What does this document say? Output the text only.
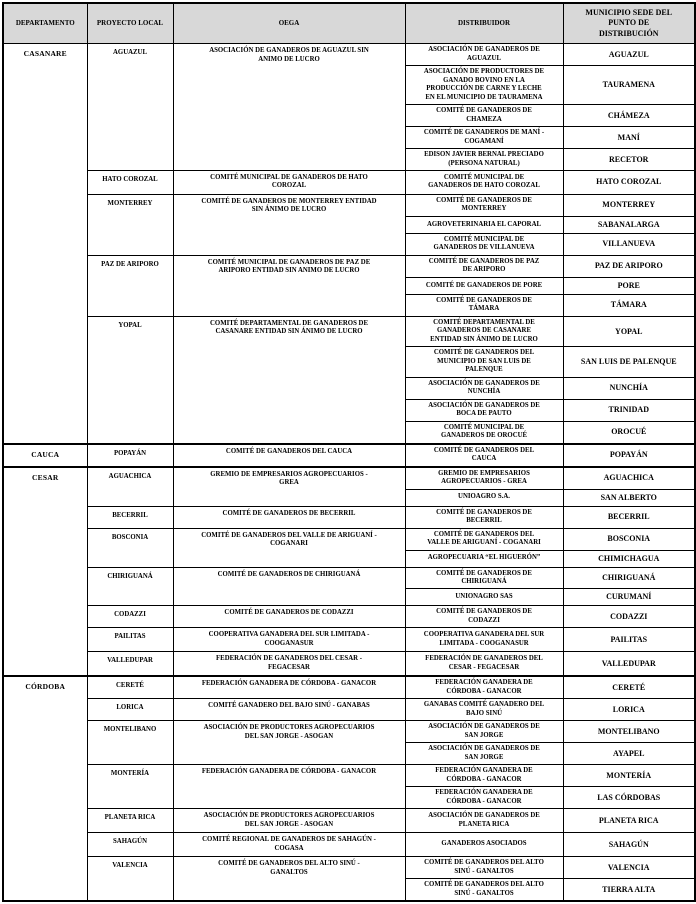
DEPARTAMENTO	PROYECTO LOCAL	OEGA	DISTRIBUIDOR	MUNICIPIO SEDE DEL PUNTO DE DISTRIBUCIÓN
CASANARE	AGUAZUL	ASOCIACIÓN DE GANADEROS DE AGUAZUL SIN ANIMO DE LUCRO	ASOCIACIÓN DE GANADEROS DE AGUAZUL	AGUAZUL
			ASOCIACIÓN DE PRODUCTORES DE GANADO BOVINO EN LA PRODUCCIÓN DE CARNE Y LECHE EN EL MUNICIPIO DE TAURAMENA	TAURAMENA
			COMITÉ DE GANADEROS DE CHAMEZA	CHÁMEZA
			COMITÉ DE GANADEROS DE MANÍ - COGAMANÍ	MANÍ
			EDISON JAVIER BERNAL PRECIADO (PERSONA NATURAL)	RECETOR
	HATO COROZAL	COMITÉ MUNICIPAL DE GANADEROS DE HATO COROZAL	COMITÉ MUNICIPAL DE GANADEROS DE HATO COROZAL	HATO COROZAL
	MONTERREY	COMITÉ DE GANADEROS DE MONTERREY ENTIDAD SIN ÁNIMO DE LUCRO	COMITÉ DE GANADEROS DE MONTERREY	MONTERREY
			AGROVETERINARIA EL CAPORAL	SABANALARGA
			COMITÉ MUNICIPAL DE GANADEROS DE VILLANUEVA	VILLANUEVA
	PAZ DE ARIPORO	COMITÉ MUNICIPAL DE GANADEROS DE PAZ DE ARIPORO ENTIDAD SIN ANIMO DE LUCRO	COMITÉ DE GANADEROS DE PAZ DE ARIPORO	PAZ DE ARIPORO
			COMITÉ DE GANADEROS DE PORE	PORE
			COMITÉ DE GANADEROS DE TÁMARA	TÁMARA
	YOPAL	COMITÉ DEPARTAMENTAL DE GANADEROS DE CASANARE ENTIDAD SIN ÁNIMO DE LUCRO	COMITÉ DEPARTAMENTAL DE GANADEROS DE CASANARE ENTIDAD SIN ÁNIMO DE LUCRO	YOPAL
			COMITÉ DE GANADEROS DEL MUNICIPIO DE SAN LUIS DE PALENQUE	SAN LUIS DE PALENQUE
			ASOCIACIÓN DE GANADEROS DE NUNCHÍA	NUNCHÍA
			ASOCIACIÓN DE GANADEROS DE BOCA DE PAUTO	TRINIDAD
			COMITÉ MUNICIPAL DE GANADEROS DE OROCUÉ	OROCUÉ
CAUCA	POPAYÁN	COMITÉ DE GANADEROS DEL CAUCA	COMITÉ DE GANADEROS DEL CAUCA	POPAYÁN
CESAR	AGUACHICA	GREMIO DE EMPRESARIOS AGROPECUARIOS - GREA	GREMIO DE EMPRESARIOS AGROPECUARIOS - GREA	AGUACHICA
			UNIOAGRO S.A.	SAN ALBERTO
	BECERRIL	COMITÉ DE GANADEROS DE BECERRIL	COMITÉ DE GANADEROS DE BECERRIL	BECERRIL
	BOSCONIA	COMITÉ DE GANADEROS DEL VALLE DE ARIGUANÍ - COGANARI	COMITÉ DE GANADEROS DEL VALLE DE ARIGUANÍ - COGANARI	BOSCONIA
			AGROPECUARIA “EL HIGUERÓN”	CHIMICHAGUA
	CHIRIGUANÁ	COMITÉ DE GANADEROS DE CHIRIGUANÁ	COMITÉ DE GANADEROS DE CHIRIGUANÁ	CHIRIGUANÁ
			UNIONAGRO SAS	CURUMANÍ
	CODAZZI	COMITÉ DE GANADEROS DE CODAZZI	COMITÉ DE GANADEROS DE CODAZZI	CODAZZI
	PAILITAS	COOPERATIVA GANADERA DEL SUR LIMITADA - COOGANASUR	COOPERATIVA GANADERA DEL SUR LIMITADA - COOGANASUR	PAILITAS
	VALLEDUPAR	FEDERACIÓN DE GANADEROS DEL CESAR - FEGACESAR	FEDERACIÓN DE GANADEROS DEL CESAR - FEGACESAR	VALLEDUPAR
CÓRDOBA	CERETÉ	FEDERACIÓN GANADERA DE CÓRDOBA - GANACOR	FEDERACIÓN GANADERA DE CÓRDOBA - GANACOR	CERETÉ
	LORICA	COMITÉ GANADERO DEL BAJO SINÚ - GANABAS	GANABAS COMITÉ GANADERO DEL BAJO SINÚ	LORICA
	MONTELIBANO	ASOCIACIÓN DE PRODUCTORES AGROPECUARIOS DEL SAN JORGE - ASOGAN	ASOCIACIÓN DE GANADEROS DE SAN JORGE	MONTELIBANO
			ASOCIACIÓN DE GANADEROS DE SAN JORGE	AYAPEL
	MONTERÍA	FEDERACIÓN GANADERA DE CÓRDOBA - GANACOR	FEDERACIÓN GANADERA DE CÓRDOBA - GANACOR	MONTERÍA
			FEDERACIÓN GANADERA DE CÓRDOBA - GANACOR	LAS CÓRDOBAS
	PLANETA RICA	ASOCIACIÓN DE PRODUCTORES AGROPECUARIOS DEL SAN JORGE - ASOGAN	ASOCIACIÓN DE GANADEROS DE PLANETA RICA	PLANETA RICA
	SAHAGÚN	COMITÉ REGIONAL DE GANADEROS DE SAHAGÚN - COGASA	GANADEROS ASOCIADOS	SAHAGÚN
	VALENCIA	COMITÉ DE GANADEROS DEL ALTO SINÚ - GANALTOS	COMITÉ DE GANADEROS DEL ALTO SINÚ - GANALTOS	VALENCIA
			COMITÉ DE GANADEROS DEL ALTO SINÚ - GANALTOS	TIERRA ALTA
